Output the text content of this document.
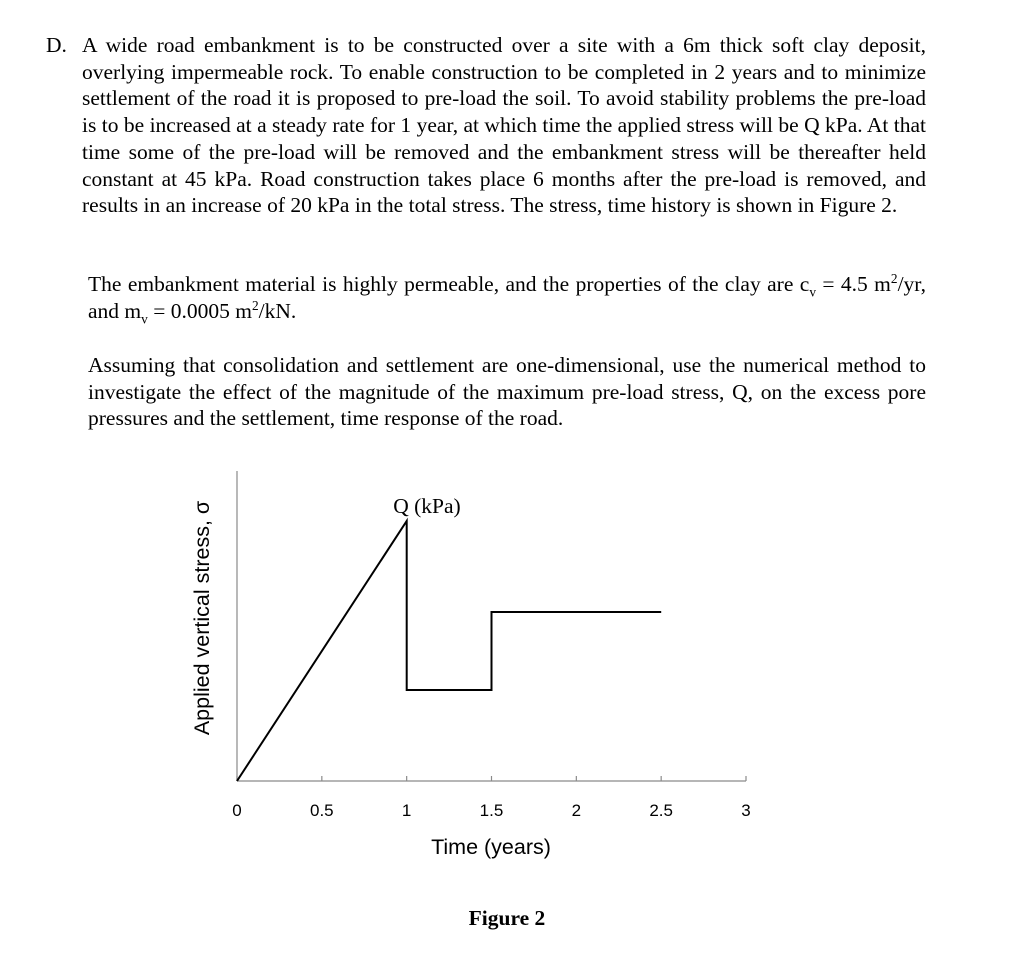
D. A wide road embankment is to be constructed over a site with a 6m thick soft clay deposit, overlying impermeable rock. To enable construction to be completed in 2 years and to minimize settlement of the road it is proposed to pre-load the soil. To avoid stability problems the pre-load is to be increased at a steady rate for 1 year, at which time the applied stress will be Q kPa. At that time some of the pre-load will be removed and the embankment stress will be thereafter held constant at 45 kPa. Road construction takes place 6 months after the pre-load is removed, and results in an increase of 20 kPa in the total stress. The stress, time history is shown in Figure 2.
The embankment material is highly permeable, and the properties of the clay are $c_v = 4.5$ $m^2/yr$, and $m_v = 0.0005$ $m^2/kN$.
Assuming that consolidation and settlement are one-dimensional, use the numerical method to investigate the effect of the magnitude of the maximum pre-load stress, Q, on the excess pore pressures and the settlement, time response of the road.
0	0.5	1	1.5	2	2.5	3
Q (kPa)
Time (years)
Applied vertical stress, σ
Figure 2
